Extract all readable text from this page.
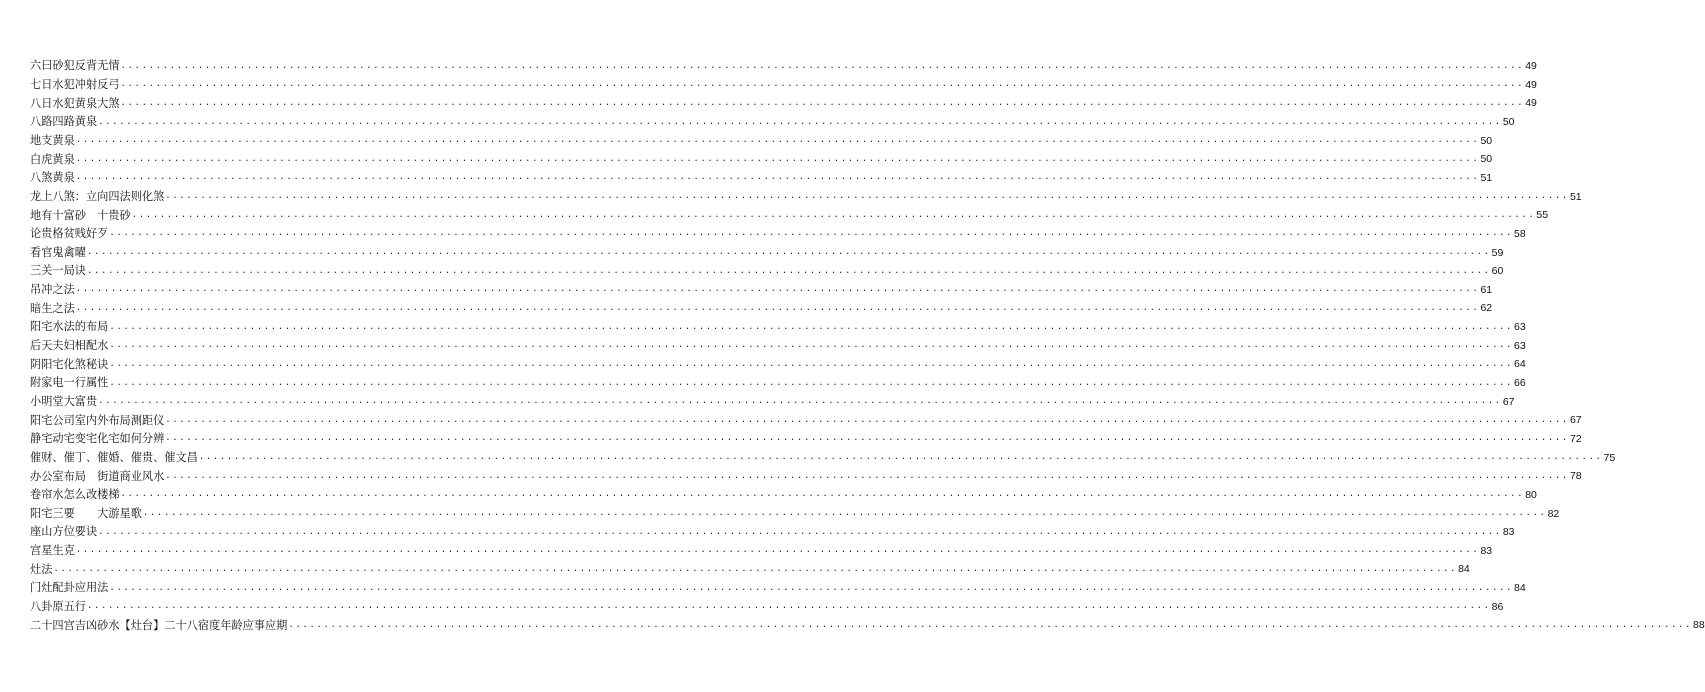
六曰砂犯反背无情 ........................................................................................................................................................................................................ 49
七日水犯冲射反弓 ........................................................................................................................................................................................................ 49
八日水犯黄泉大煞 ........................................................................................................................................................................................................ 49
八路四路黄泉 ........................................................................................................................................................................................................ 50
地支黄泉 ........................................................................................................................................................................................................ 50
白虎黄泉 ........................................................................................................................................................................................................ 50
八煞黄泉 ........................................................................................................................................................................................................ 51
龙上八煞：立向四法则化煞 ........................................................................................................................................................................................................ 51
地有十富砂　十贵砂 ........................................................................................................................................................................................................ 55
论贵格贫贱好歹 ........................................................................................................................................................................................................ 58
看官鬼禽曜 ........................................................................................................................................................................................................ 59
三关一局诀 ........................................................................................................................................................................................................ 60
吊冲之法 ........................................................................................................................................................................................................ 61
暗生之法 ........................................................................................................................................................................................................ 62
阳宅水法的布局 ........................................................................................................................................................................................................ 63
后天夫妇相配水 ........................................................................................................................................................................................................ 63
阴阳宅化煞秘诀 ........................................................................................................................................................................................................ 64
附家电一行属性 ........................................................................................................................................................................................................ 66
小明堂大富贵 ........................................................................................................................................................................................................ 67
阳宅公司室内外布局测距仪 ........................................................................................................................................................................................................ 67
静宅动宅变宅化宅如何分辨 ........................................................................................................................................................................................................ 72
催财、催丁、催婚、催贵、催文昌 ........................................................................................................................................................................................................ 75
办公室布局　街道商业风水 ........................................................................................................................................................................................................ 78
卷帘水怎么改楼梯 ........................................................................................................................................................................................................ 80
阳宅三要　　大游星歌 ........................................................................................................................................................................................................ 82
座山方位要诀 ........................................................................................................................................................................................................ 83
宫星生克 ........................................................................................................................................................................................................ 83
灶法 ........................................................................................................................................................................................................ 84
门灶配卦应用法 ........................................................................................................................................................................................................ 84
八卦原五行 ........................................................................................................................................................................................................ 86
二十四宫吉凶砂水【灶台】二十八宿度年龄应事应期 ........................................................................................................................................................................................................ 88
